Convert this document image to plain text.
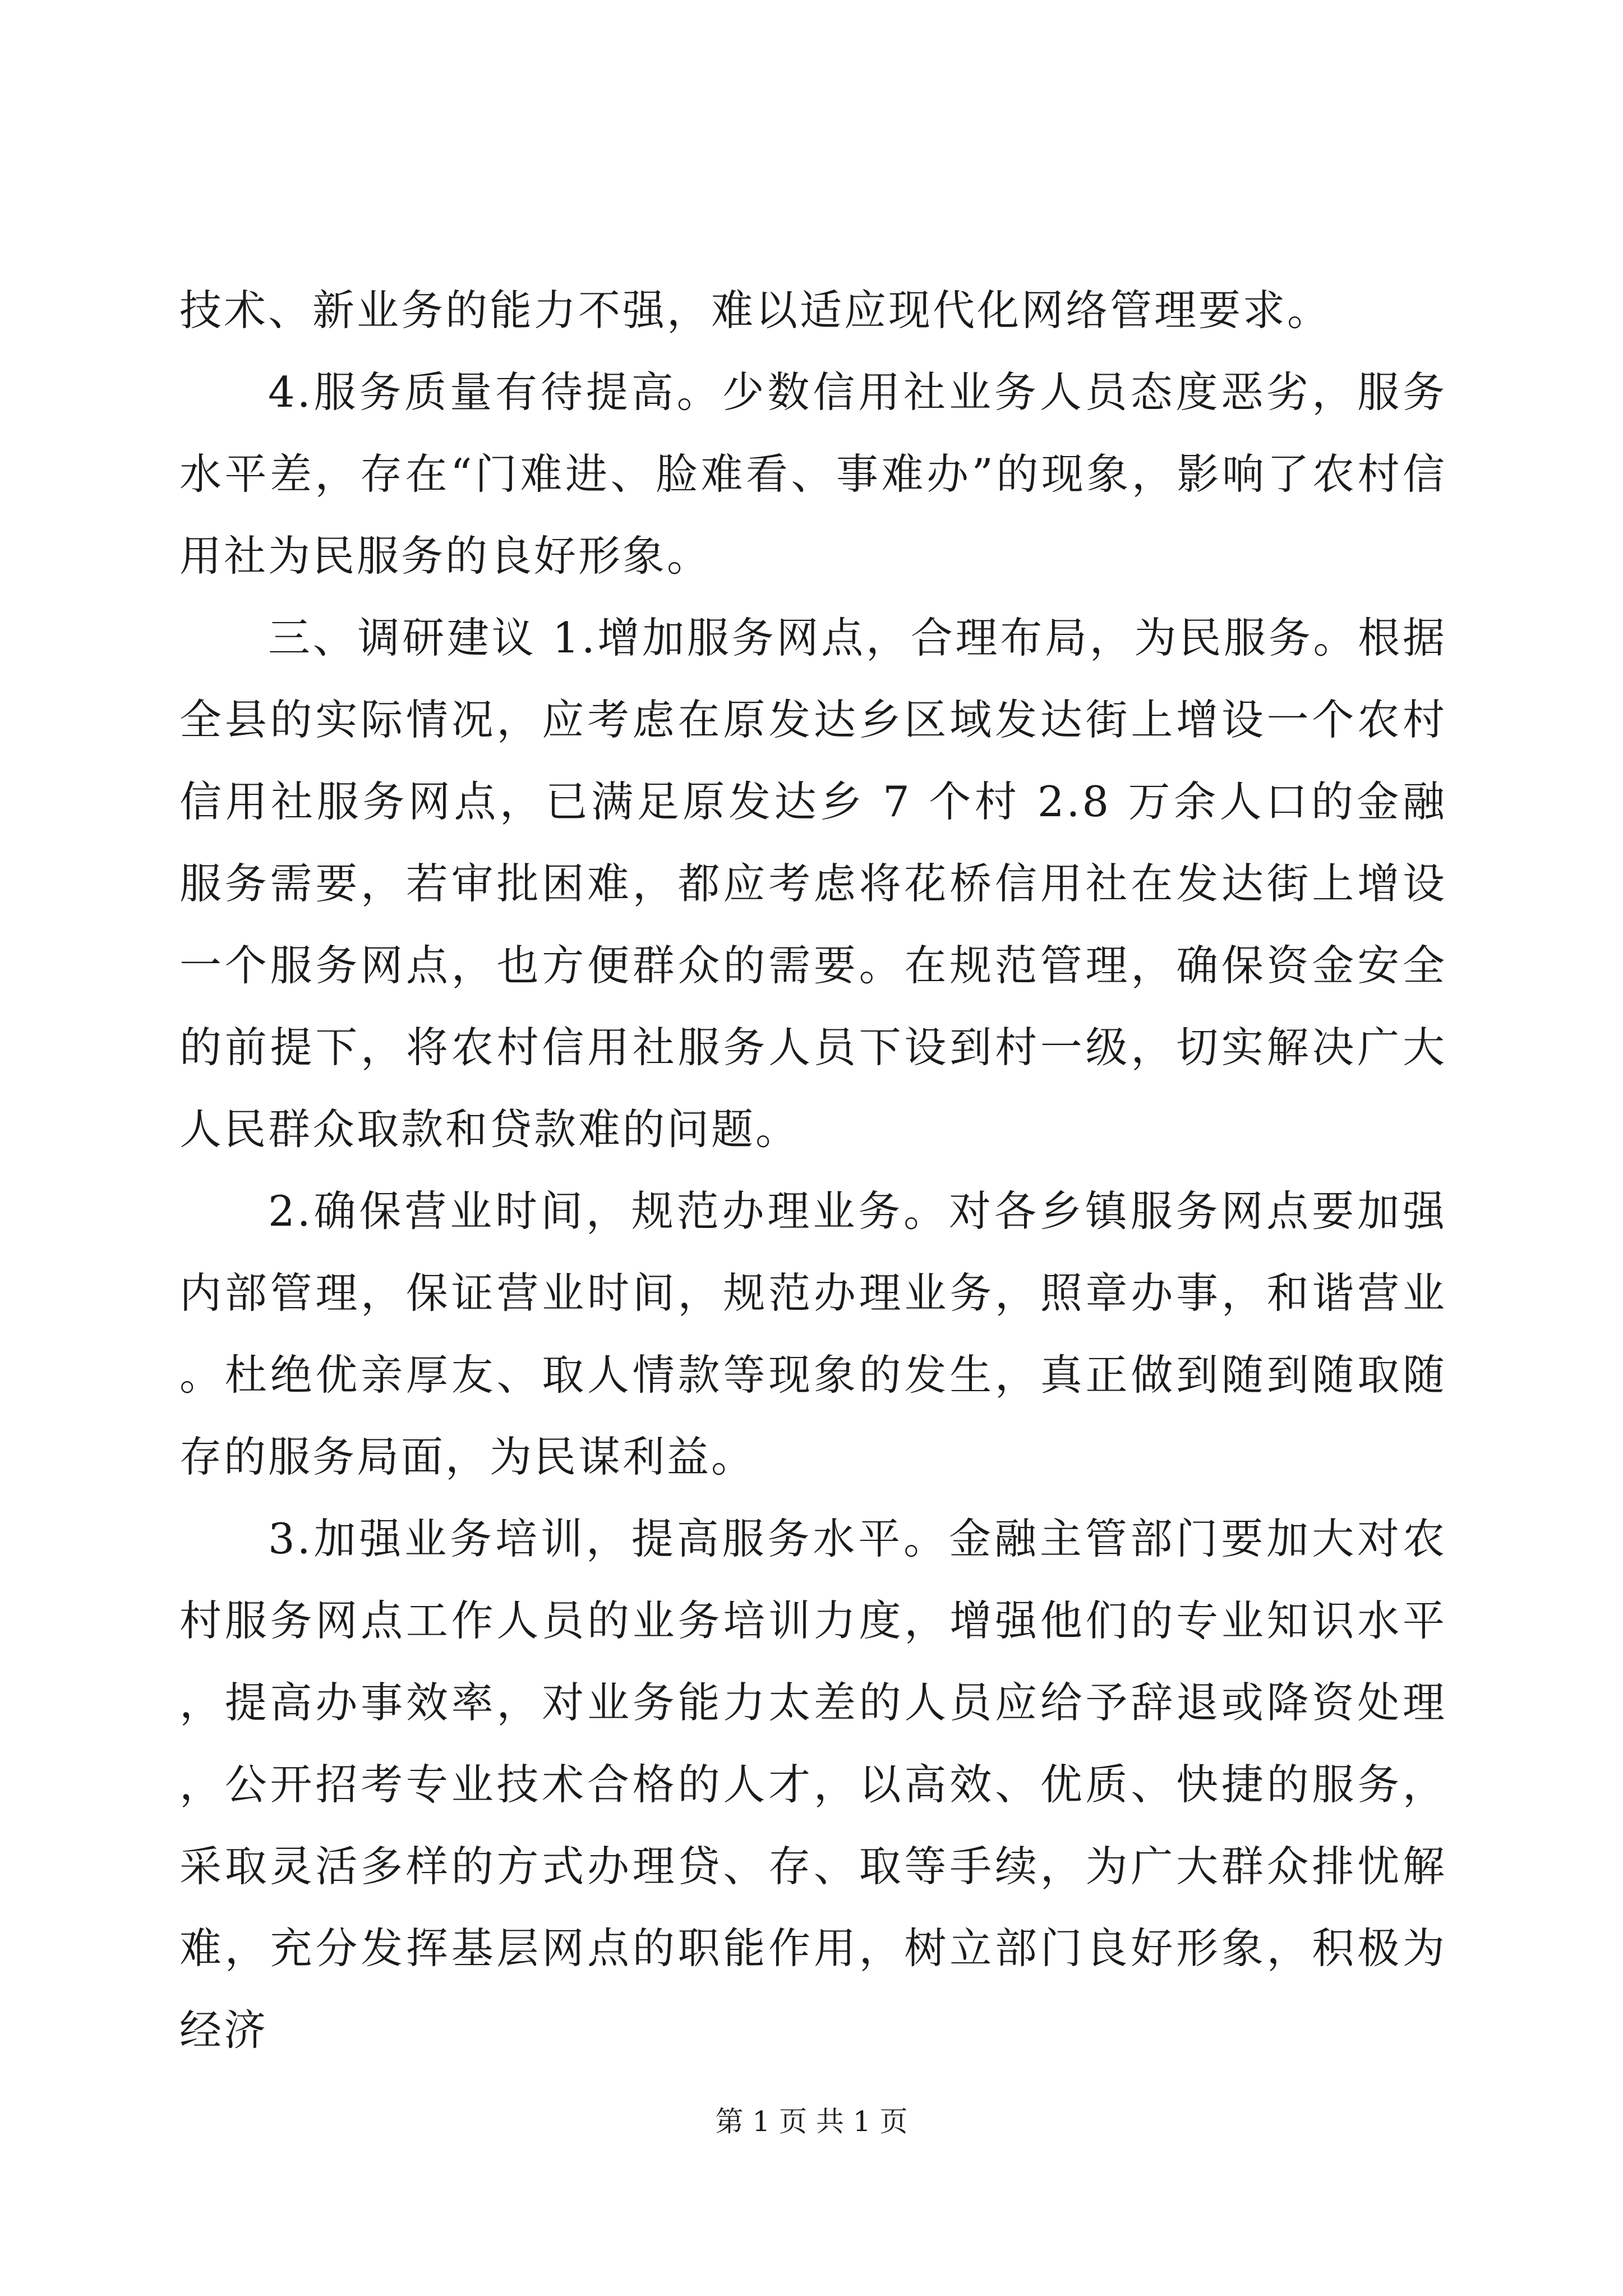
技术、新业务的能力不强，难以适应现代化网络管理要求。

4.服务质量有待提高。少数信用社业务人员态度恶劣，服务水平差，存在“门难进、脸难看、事难办”的现象，影响了农村信用社为民服务的良好形象。

三、调研建议 1.增加服务网点，合理布局，为民服务。根据全县的实际情况，应考虑在原发达乡区域发达街上增设一个农村信用社服务网点，已满足原发达乡 7 个村 2.8 万余人口的金融服务需要，若审批困难，都应考虑将花桥信用社在发达街上增设一个服务网点，也方便群众的需要。在规范管理，确保资金安全的前提下，将农村信用社服务人员下设到村一级，切实解决广大人民群众取款和贷款难的问题。

2.确保营业时间，规范办理业务。对各乡镇服务网点要加强内部管理，保证营业时间，规范办理业务，照章办事，和谐营业。杜绝优亲厚友、取人情款等现象的发生，真正做到随到随取随存的服务局面，为民谋利益。

3.加强业务培训，提高服务水平。金融主管部门要加大对农村服务网点工作人员的业务培训力度，增强他们的专业知识水平，提高办事效率，对业务能力太差的人员应给予辞退或降资处理，公开招考专业技术合格的人才，以高效、优质、快捷的服务，采取灵活多样的方式办理贷、存、取等手续，为广大群众排忧解难，充分发挥基层网点的职能作用，树立部门良好形象，积极为经济

第 1 页 共 1 页
